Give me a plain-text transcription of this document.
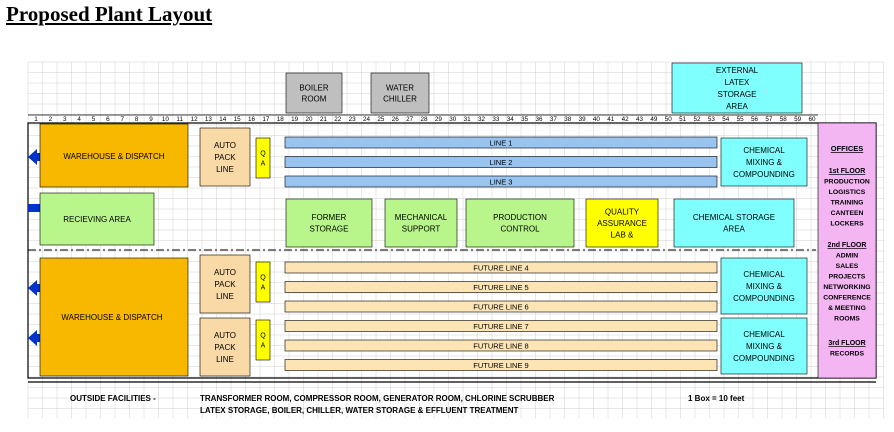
Proposed Plant Layout
1 2 3 4 5 6 7 8 9 10 11 12 13 14 15 16 17 18 19 20 21 22 23 24 25 26 27 28 29 30 31 32 33 34 35 36 37 38 39 40 41 42 43 49 50 51 52 53 54 55 56 57 58 59 60
BOILER
ROOM
WATER
CHILLER
EXTERNAL
LATEX
STORAGE
AREA
WAREHOUSE & DISPATCH
AUTO
PACK
LINE
Q
A
LINE 1
LINE 2
LINE 3
CHEMICAL
MIXING &
COMPOUNDING
RECIEVING AREA	FORMER
STORAGE
MECHANICAL
SUPPORT
PRODUCTION
CONTROL
QUALITY
ASSURANCE
LAB &
CHEMICAL STORAGE
AREA
WAREHOUSE & DISPATCH
AUTO
PACK
LINE
AUTO
PACK
LINE
Q
A
Q
A
FUTURE LINE 4
FUTURE LINE 5
FUTURE LINE 6
FUTURE LINE 7
FUTURE LINE 8
FUTURE LINE 9
CHEMICAL
MIXING &
COMPOUNDING
CHEMICAL
MIXING &
COMPOUNDING
OFFICES
1st FLOOR
PRODUCTION
LOGISTICS
TRAINING
CANTEEN
LOCKERS
2nd FLOOR
ADMIN
SALES
PROJECTS
NETWORKING
CONFERENCE
& MEETING
ROOMS
3rd FLOOR
RECORDS
OUTSIDE FACILITIES -	TRANSFORMER ROOM, COMPRESSOR ROOM, GENERATOR ROOM, CHLORINE SCRUBBER
LATEX STORAGE, BOILER, CHILLER, WATER STORAGE & EFFLUENT TREATMENT
1 Box = 10 feet
